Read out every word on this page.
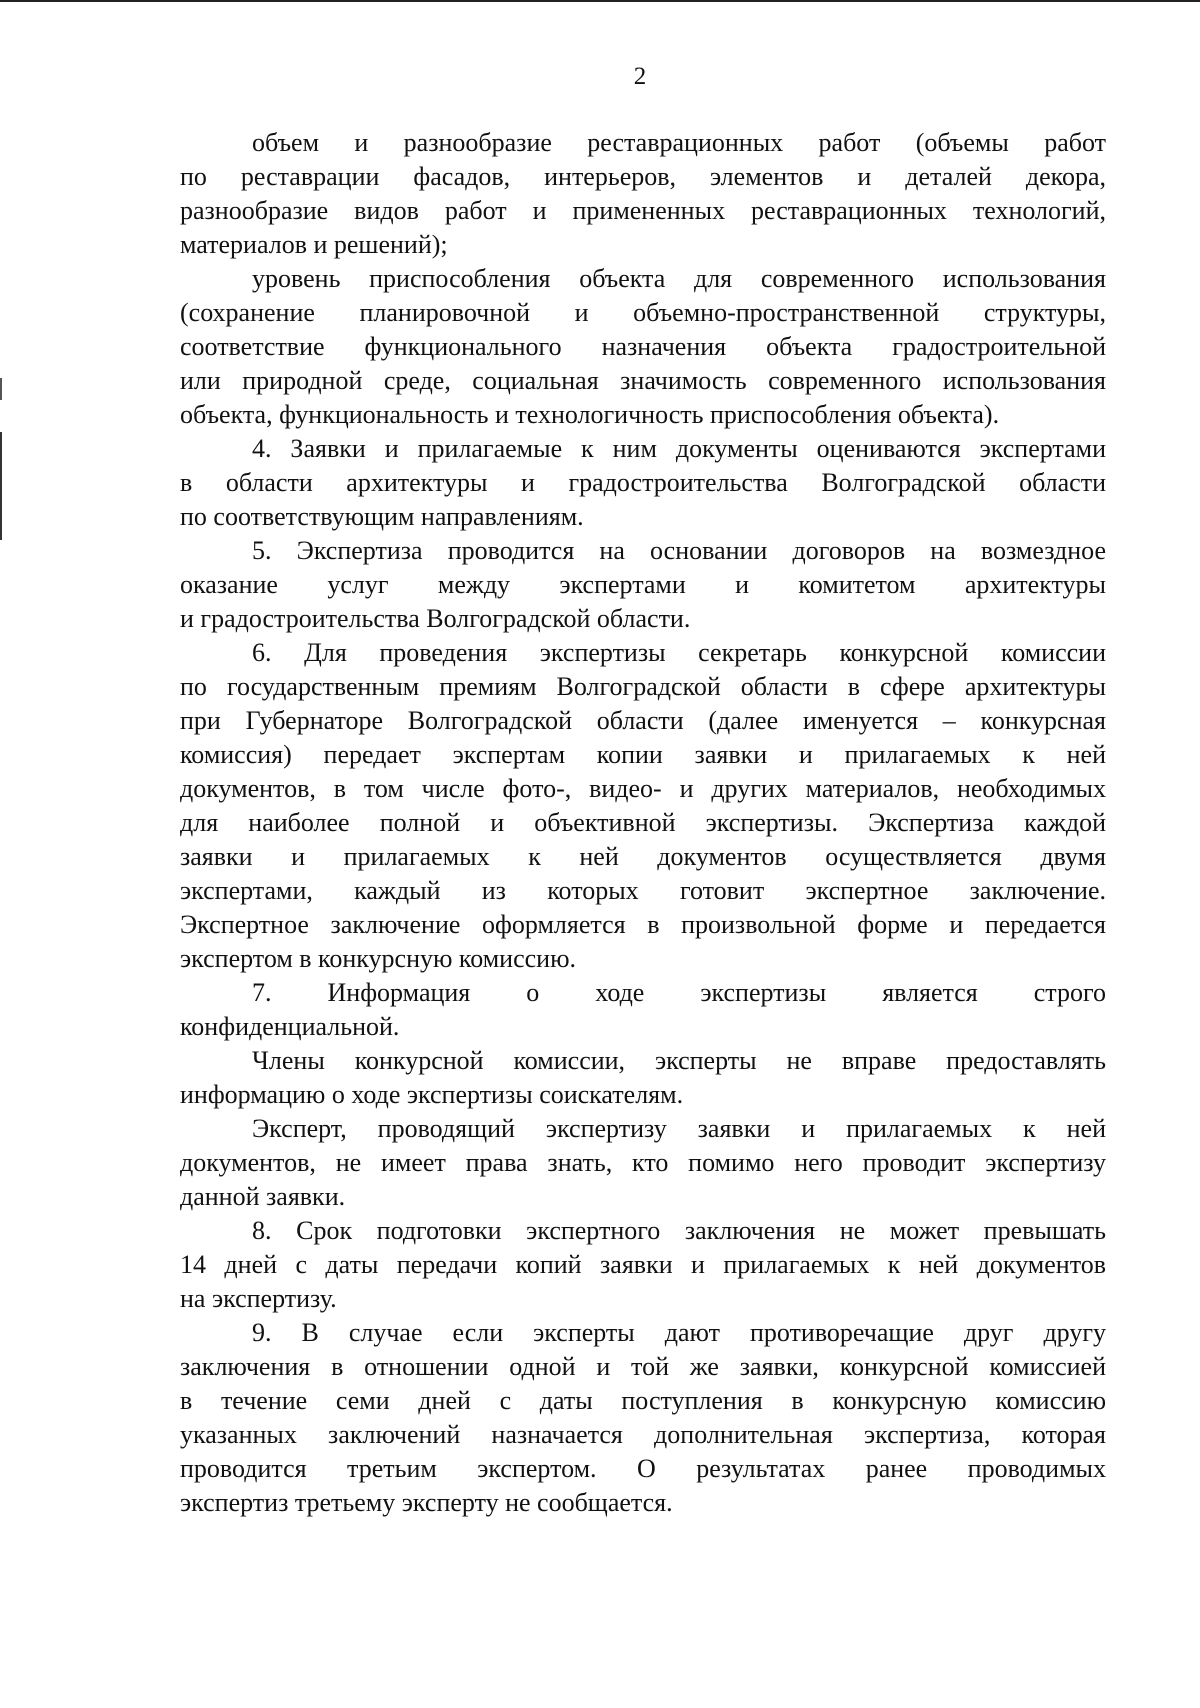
2
объем и разнообразие реставрационных работ (объемы работ
по реставрации фасадов, интерьеров, элементов и деталей декора,
разнообразие видов работ и примененных реставрационных технологий,
материалов и решений);
уровень приспособления объекта для современного использования
(сохранение планировочной и объемно-пространственной структуры,
соответствие функционального назначения объекта градостроительной
или природной среде, социальная значимость современного использования
объекта, функциональность и технологичность приспособления объекта).
4. Заявки и прилагаемые к ним документы оцениваются экспертами
в области архитектуры и градостроительства Волгоградской области
по соответствующим направлениям.
5. Экспертиза проводится на основании договоров на возмездное
оказание услуг между экспертами и комитетом архитектуры
и градостроительства Волгоградской области.
6. Для проведения экспертизы секретарь конкурсной комиссии
по государственным премиям Волгоградской области в сфере архитектуры
при Губернаторе Волгоградской области (далее именуется – конкурсная
комиссия) передает экспертам копии заявки и прилагаемых к ней
документов, в том числе фото-, видео- и других материалов, необходимых
для наиболее полной и объективной экспертизы. Экспертиза каждой
заявки и прилагаемых к ней документов осуществляется двумя
экспертами, каждый из которых готовит экспертное заключение.
Экспертное заключение оформляется в произвольной форме и передается
экспертом в конкурсную комиссию.
7. Информация о ходе экспертизы является строго
конфиденциальной.
Члены конкурсной комиссии, эксперты не вправе предоставлять
информацию о ходе экспертизы соискателям.
Эксперт, проводящий экспертизу заявки и прилагаемых к ней
документов, не имеет права знать, кто помимо него проводит экспертизу
данной заявки.
8. Срок подготовки экспертного заключения не может превышать
14 дней с даты передачи копий заявки и прилагаемых к ней документов
на экспертизу.
9. В случае если эксперты дают противоречащие друг другу
заключения в отношении одной и той же заявки, конкурсной комиссией
в течение семи дней с даты поступления в конкурсную комиссию
указанных заключений назначается дополнительная экспертиза, которая
проводится третьим экспертом. О результатах ранее проводимых
экспертиз третьему эксперту не сообщается.
